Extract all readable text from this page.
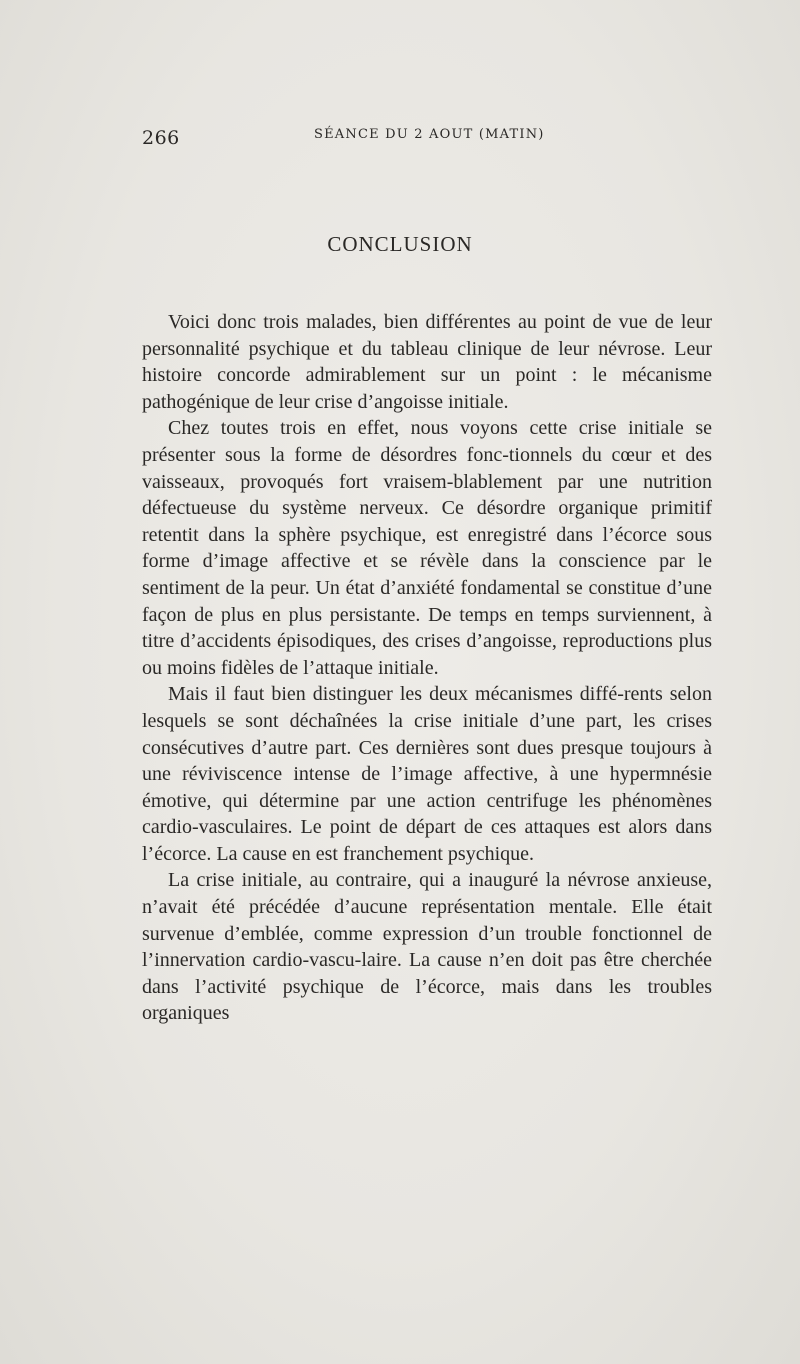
266	SÉANCE DU 2 AOUT (MATIN)
CONCLUSION

Voici donc trois malades, bien différentes au point de vue de leur personnalité psychique et du tableau clinique de leur névrose. Leur histoire concorde admirablement sur un point : le mécanisme pathogénique de leur crise d’angoisse initiale.

Chez toutes trois en effet, nous voyons cette crise initiale se présenter sous la forme de désordres fonc-tionnels du cœur et des vaisseaux, provoqués fort vraisem-blablement par une nutrition défectueuse du système nerveux. Ce désordre organique primitif retentit dans la sphère psychique, est enregistré dans l’écorce sous forme d’image affective et se révèle dans la conscience par le sentiment de la peur. Un état d’anxiété fondamental se constitue d’une façon de plus en plus persistante. De temps en temps surviennent, à titre d’accidents épisodiques, des crises d’angoisse, reproductions plus ou moins fidèles de l’attaque initiale.

Mais il faut bien distinguer les deux mécanismes diffé-rents selon lesquels se sont déchaînées la crise initiale d’une part, les crises consécutives d’autre part. Ces dernières sont dues presque toujours à une réviviscence intense de l’image affective, à une hypermnésie émotive, qui détermine par une action centrifuge les phénomènes cardio-vasculaires. Le point de départ de ces attaques est alors dans l’écorce. La cause en est franchement psychique.

La crise initiale, au contraire, qui a inauguré la névrose anxieuse, n’avait été précédée d’aucune représentation mentale. Elle était survenue d’emblée, comme expression d’un trouble fonctionnel de l’innervation cardio-vascu-laire. La cause n’en doit pas être cherchée dans l’activité psychique de l’écorce, mais dans les troubles organiques
